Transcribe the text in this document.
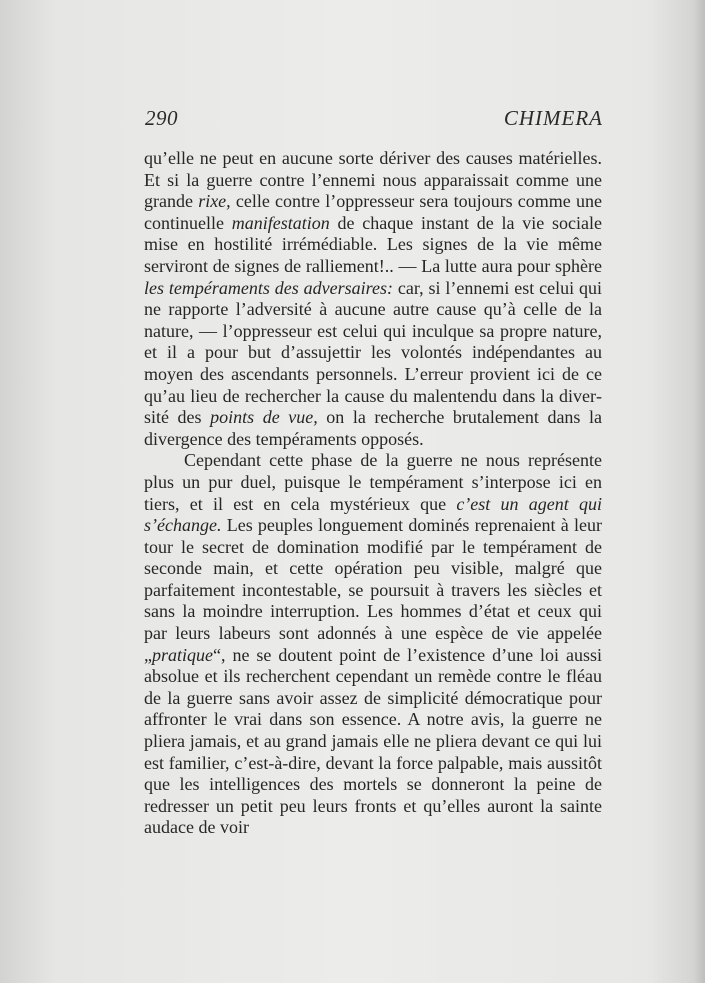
290	CHIMERA

qu’elle ne peut en aucune sorte dériver des causes matérielles. Et si la guerre contre l’ennemi nous apparaissait comme une grande rixe, celle contre l’oppresseur sera toujours comme une continuelle manifestation de chaque instant de la vie sociale mise en hostilité irrémédiable. Les signes de la vie même serviront de signes de ralliement!.. — La lutte aura pour sphère les tempéraments des adversaires: car, si l’ennemi est celui qui ne rapporte l’adversité à aucune autre cause qu’à celle de la nature, — l’oppresseur est celui qui inculque sa propre nature, et il a pour but d’assujettir les volontés indépendantes au moyen des ascendants personnels. L’erreur provient ici de ce qu’au lieu de rechercher la cause du malentendu dans la diversité des points de vue, on la recherche brutalement dans la divergence des tempéraments opposés.

Cependant cette phase de la guerre ne nous représente plus un pur duel, puisque le tempérament s’interpose ici en tiers, et il est en cela mystérieux que c’est un agent qui s’échange. Les peuples longuement dominés reprenaient à leur tour le secret de domination modifié par le tempérament de seconde main, et cette opération peu visible, malgré que parfaitement incontestable, se poursuit à travers les siècles et sans la moindre interruption. Les hommes d’état et ceux qui par leurs labeurs sont adonnés à une espèce de vie appelée „pratique“, ne se doutent point de l’existence d’une loi aussi absolue et ils recherchent cependant un remède contre le fléau de la guerre sans avoir assez de simplicité démocratique pour affronter le vrai dans son essence. A notre avis, la guerre ne pliera jamais, et au grand jamais elle ne pliera devant ce qui lui est familier, c’est-à-dire, devant la force palpable, mais aussitôt que les intelligences des mortels se donneront la peine de redresser un petit peu leurs fronts et qu’elles auront la sainte audace de voir
